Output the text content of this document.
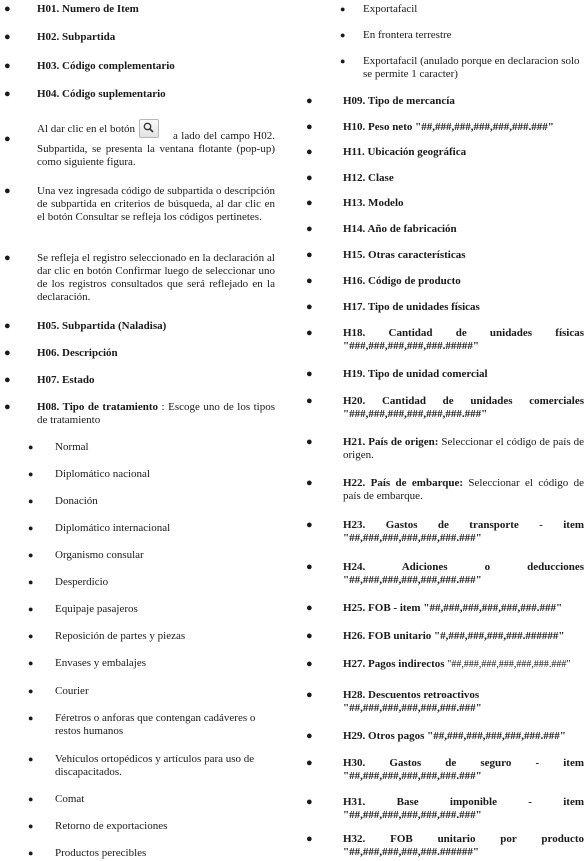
● H01. Numero de Item
● H02. Subpartida
● H03. Código complementario
● H04. Código suplementario
●
Al dar clic en el botón
a lado del campo H02. Subpartida, se presenta la ventana flotante (pop-up) como siguiente figura.
● Una vez ingresada código de subpartida o descripción de subpartida en criterios de búsqueda, al dar clic en el botón Consultar se refleja los códigos pertinetes.
● Se refleja el registro seleccionado en la declaración al dar clic en botón Confirmar luego de seleccionar uno de los registros consultados que será reflejado en la declaración.
● H05. Subpartida (Naladisa)
● H06. Descripción
● H07. Estado
● H08. Tipo de tratamiento : Escoge uno de los tipos de tratamiento
● Normal
● Diplomático nacional
● Donación
● Diplomático internacional
● Organismo consular
● Desperdicio
● Equipaje pasajeros
● Reposición de partes y piezas
● Envases y embalajes
● Courier
● Féretros o anforas que contengan cadáveres o restos humanos
● Vehículos ortopédicos y artículos para uso de discapacitados.
● Comat
● Retorno de exportaciones
● Productos perecibles
● Exportafacil
● En frontera terrestre
● Exportafacil (anulado porque en declaracion solo se permite 1 caracter)
●	H09. Tipo de mercancía
●	H10. Peso neto "##,###,###,###,###,###.###"
●	H11. Ubicación geográfica
●	H12. Clase
●	H13. Modelo
●	H14. Año de fabricación
●	H15. Otras características
●	H16. Código de producto
●	H17. Tipo de unidades físicas
●	H18. Cantidad de unidades físicas "###,###,###,###,###.#####"
●	H19. Tipo de unidad comercial
●	H20. Cantidad de unidades comerciales "###,###,###,###,###,###.###"
●	H21. País de origen: Seleccionar el código de país de origen.
●	H22. País de embarque: Seleccionar el código de país de embarque.
●	H23. Gastos de transporte - item "##,###,###,###,###,###.###"
●	H24. Adiciones o deducciones "##,###,###,###,###,###.###"
●	H25. FOB - item "##,###,###,###,###,###.###"
●	H26. FOB unitario "#,###,###,###,###.######"
●	H27. Pagos indirectos "##,###,###,###,###,###.###"
●	H28. Descuentos retroactivos
"##,###,###,###,###,###.###"
●	H29. Otros pagos "##,###,###,###,###,###.###"
●	H30. Gastos de seguro - item "##,###,###,###,###,###.###"
●	H31. Base imponible - item "##,###,###,###,###,###.###"
●	H32. FOB unitario por producto "##,###,###,###,###.######"
